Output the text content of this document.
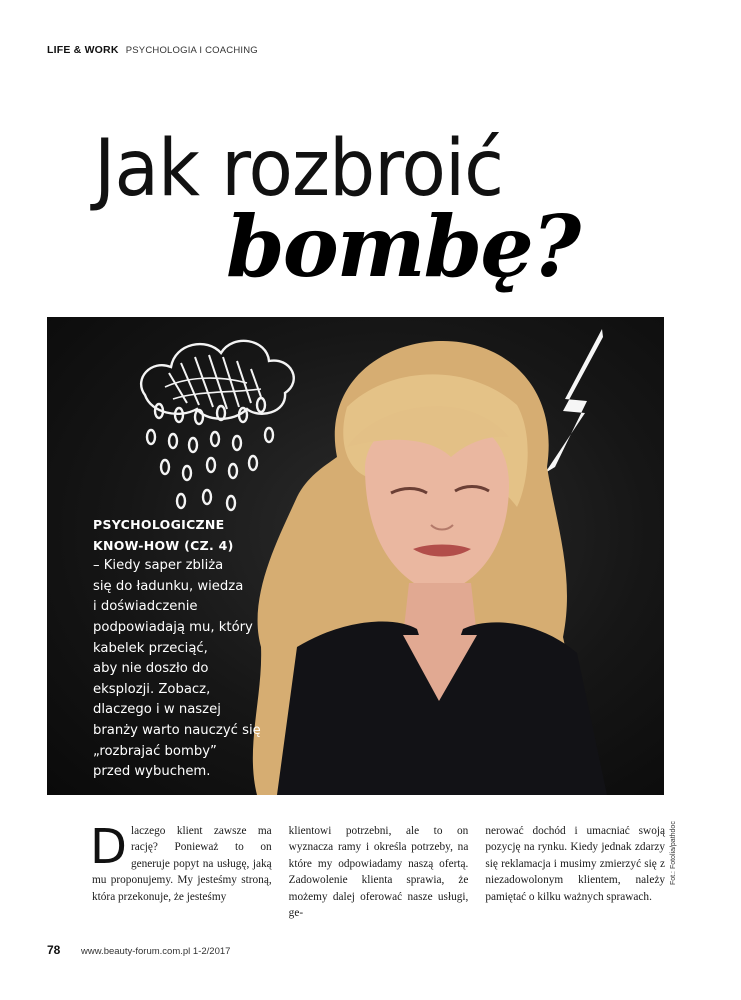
LIFE & WORK PSYCHOLOGIA I COACHING
Jak rozbroić
bombę?

PSYCHOLOGICZNE

KNOW-HOW (CZ. 4)

– Kiedy saper zbliża

się do ładunku, wiedza

i doświadczenie

podpowiadają mu, który

kabelek przeciąć,

aby nie doszło do

eksplozji. Zobacz,

dlaczego i w naszej

branży warto nauczyć się

„rozbrajać bomby”

przed wybuchem.

D laczego klient zawsze ma rację? Ponieważ to on generuje popyt na usługę, jaką mu proponujemy. My jesteśmy stroną, która przekonuje, że jesteśmy

klientowi potrzebni, ale to on wyznacza ramy i określa potrzeby, na które my odpowiadamy naszą ofertą. Zadowolenie klienta sprawia, że możemy dalej oferować nasze usługi, ge-

nerować dochód i umacniać swoją pozycję na rynku. Kiedy jednak zdarzy się reklamacja i musimy zmierzyć się z niezadowolonym klientem, należy pamiętać o kilku ważnych sprawach.

Fot.: Fotolia/pathdoc
78 www.beauty-forum.com.pl 1-2/2017
